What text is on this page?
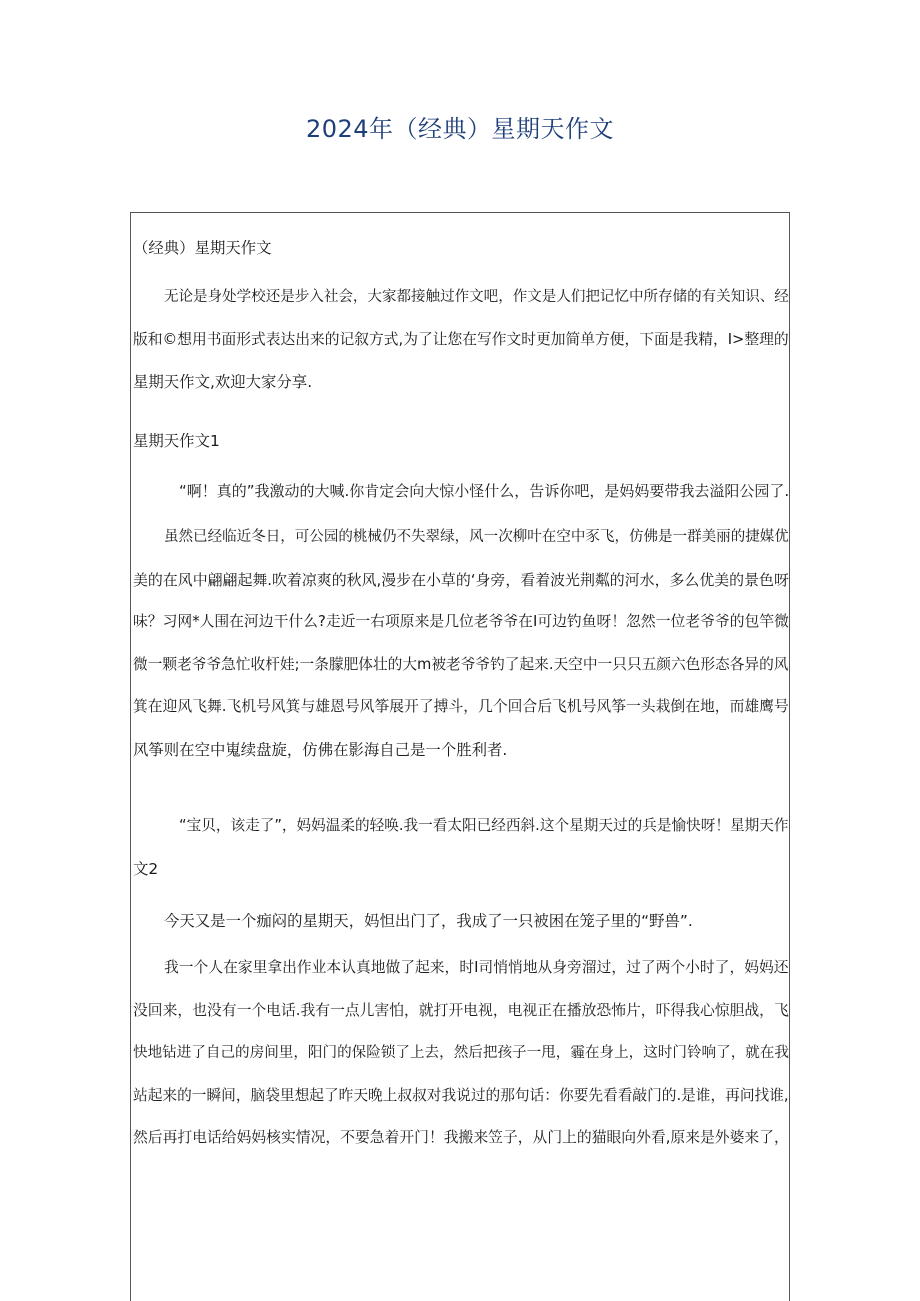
2024年（经典）星期天作文
（经典）星期天作文
无论是身处学校还是步入社会，大家都接触过作文吧，作文是人们把记忆中所存储的有关知识、经
版和©想用书面形式表达出来的记叙方式,为了让您在写作文时更加简单方便，下面是我精，I>整理的
星期天作文,欢迎大家分享.
星期天作文1
“啊！真的”我激动的大喊.你肯定会向大惊小怪什么，告诉你吧，是妈妈要带我去溢阳公园了.
虽然已经临近冬日，可公园的桃械仍不失翠绿，风一次柳叶在空中豕飞，仿佛是一群美丽的捷媒优
美的在风中翩翩起舞.吹着凉爽的秋风,漫步在小草的‘身旁，看着波光荆粼的河水，多么优美的景色呀
味？习网*人围在河边干什么?走近一右项原来是几位老爷爷在I可边钓鱼呀！忽然一位老爷爷的包竿微
微一颗老爷爷急忙收杆娃;一条朦肥体壮的大m被老爷爷钓了起来.天空中一只只五颜六色形态各异的风
箕在迎风飞舞.飞机号风箕与雄恩号风筝展开了搏斗，几个回合后飞机号风筝一头栽倒在地，而雄鹰号
风筝则在空中嵬续盘旋，仿佛在影海自己是一个胜利者.
“宝贝，该走了”，妈妈温柔的轻唤.我一看太阳已经西斜.这个星期天过的兵是愉快呀！星期天作
文2
今天又是一个痂闷的星期天，妈怛出门了，我成了一只被困在笼子里的“野兽”.
我一个人在家里拿出作业本认真地做了起来，时I司悄悄地从身旁溜过，过了两个小时了，妈妈还
没回来，也没有一个电话.我有一点儿害怕，就打开电视，电视正在播放恐怖片，吓得我心惊胆战，飞
快地钻进了自己的房间里，阳门的保险锁了上去，然后把孩子一甩，霾在身上，这时门铃响了，就在我
站起来的一瞬间，脑袋里想起了昨天晚上叔叔对我说过的那句话：你要先看看敲门的.是谁，再问找谁,
然后再打电话给妈妈核实情况，不要急着开门！我搬来笠子，从门上的猫眼向外看,原来是外婆来了，
